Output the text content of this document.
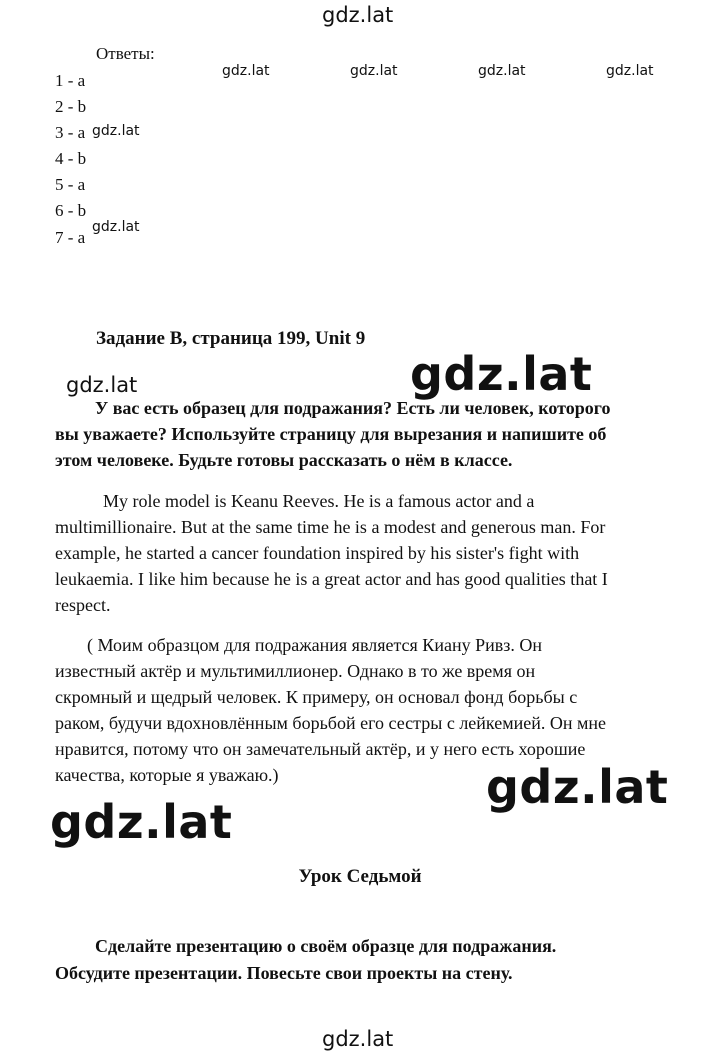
gdz.lat
Ответы:
1 - a
2 - b
3 - a
4 - b
5 - a
6 - b
7 - a
gdz.lat	gdz.lat	gdz.lat	gdz.lat
gdz.lat
gdz.lat
Задание B, страница 199, Unit 9
gdz.lat	gdz.lat
У вас есть образец для подражания? Есть ли человек, которого
вы уважаете? Используйте страницу для вырезания и напишите об
этом человеке. Будьте готовы рассказать о нём в классе.

My role model is Keanu Reeves. He is a famous actor and a

multimillionaire. But at the same time he is a modest and generous man. For

example, he started a cancer foundation inspired by his sister's fight with

leukaemia. I like him because he is a great actor and has good qualities that I

respect.

( Моим образцом для подражания является Киану Ривз. Он

известный актёр и мультимиллионер. Однако в то же время он

скромный и щедрый человек. К примеру, он основал фонд борьбы с

раком, будучи вдохновлённым борьбой его сестры с лейкемией. Он мне

нравится, потому что он замечательный актёр, и у него есть хорошие

качества, которые я уважаю.)	gdz.lat
gdz.lat
Урок Седьмой
Сделайте презентацию о своём образце для подражания.
Обсудите презентации. Повесьте свои проекты на стену.
gdz.lat
